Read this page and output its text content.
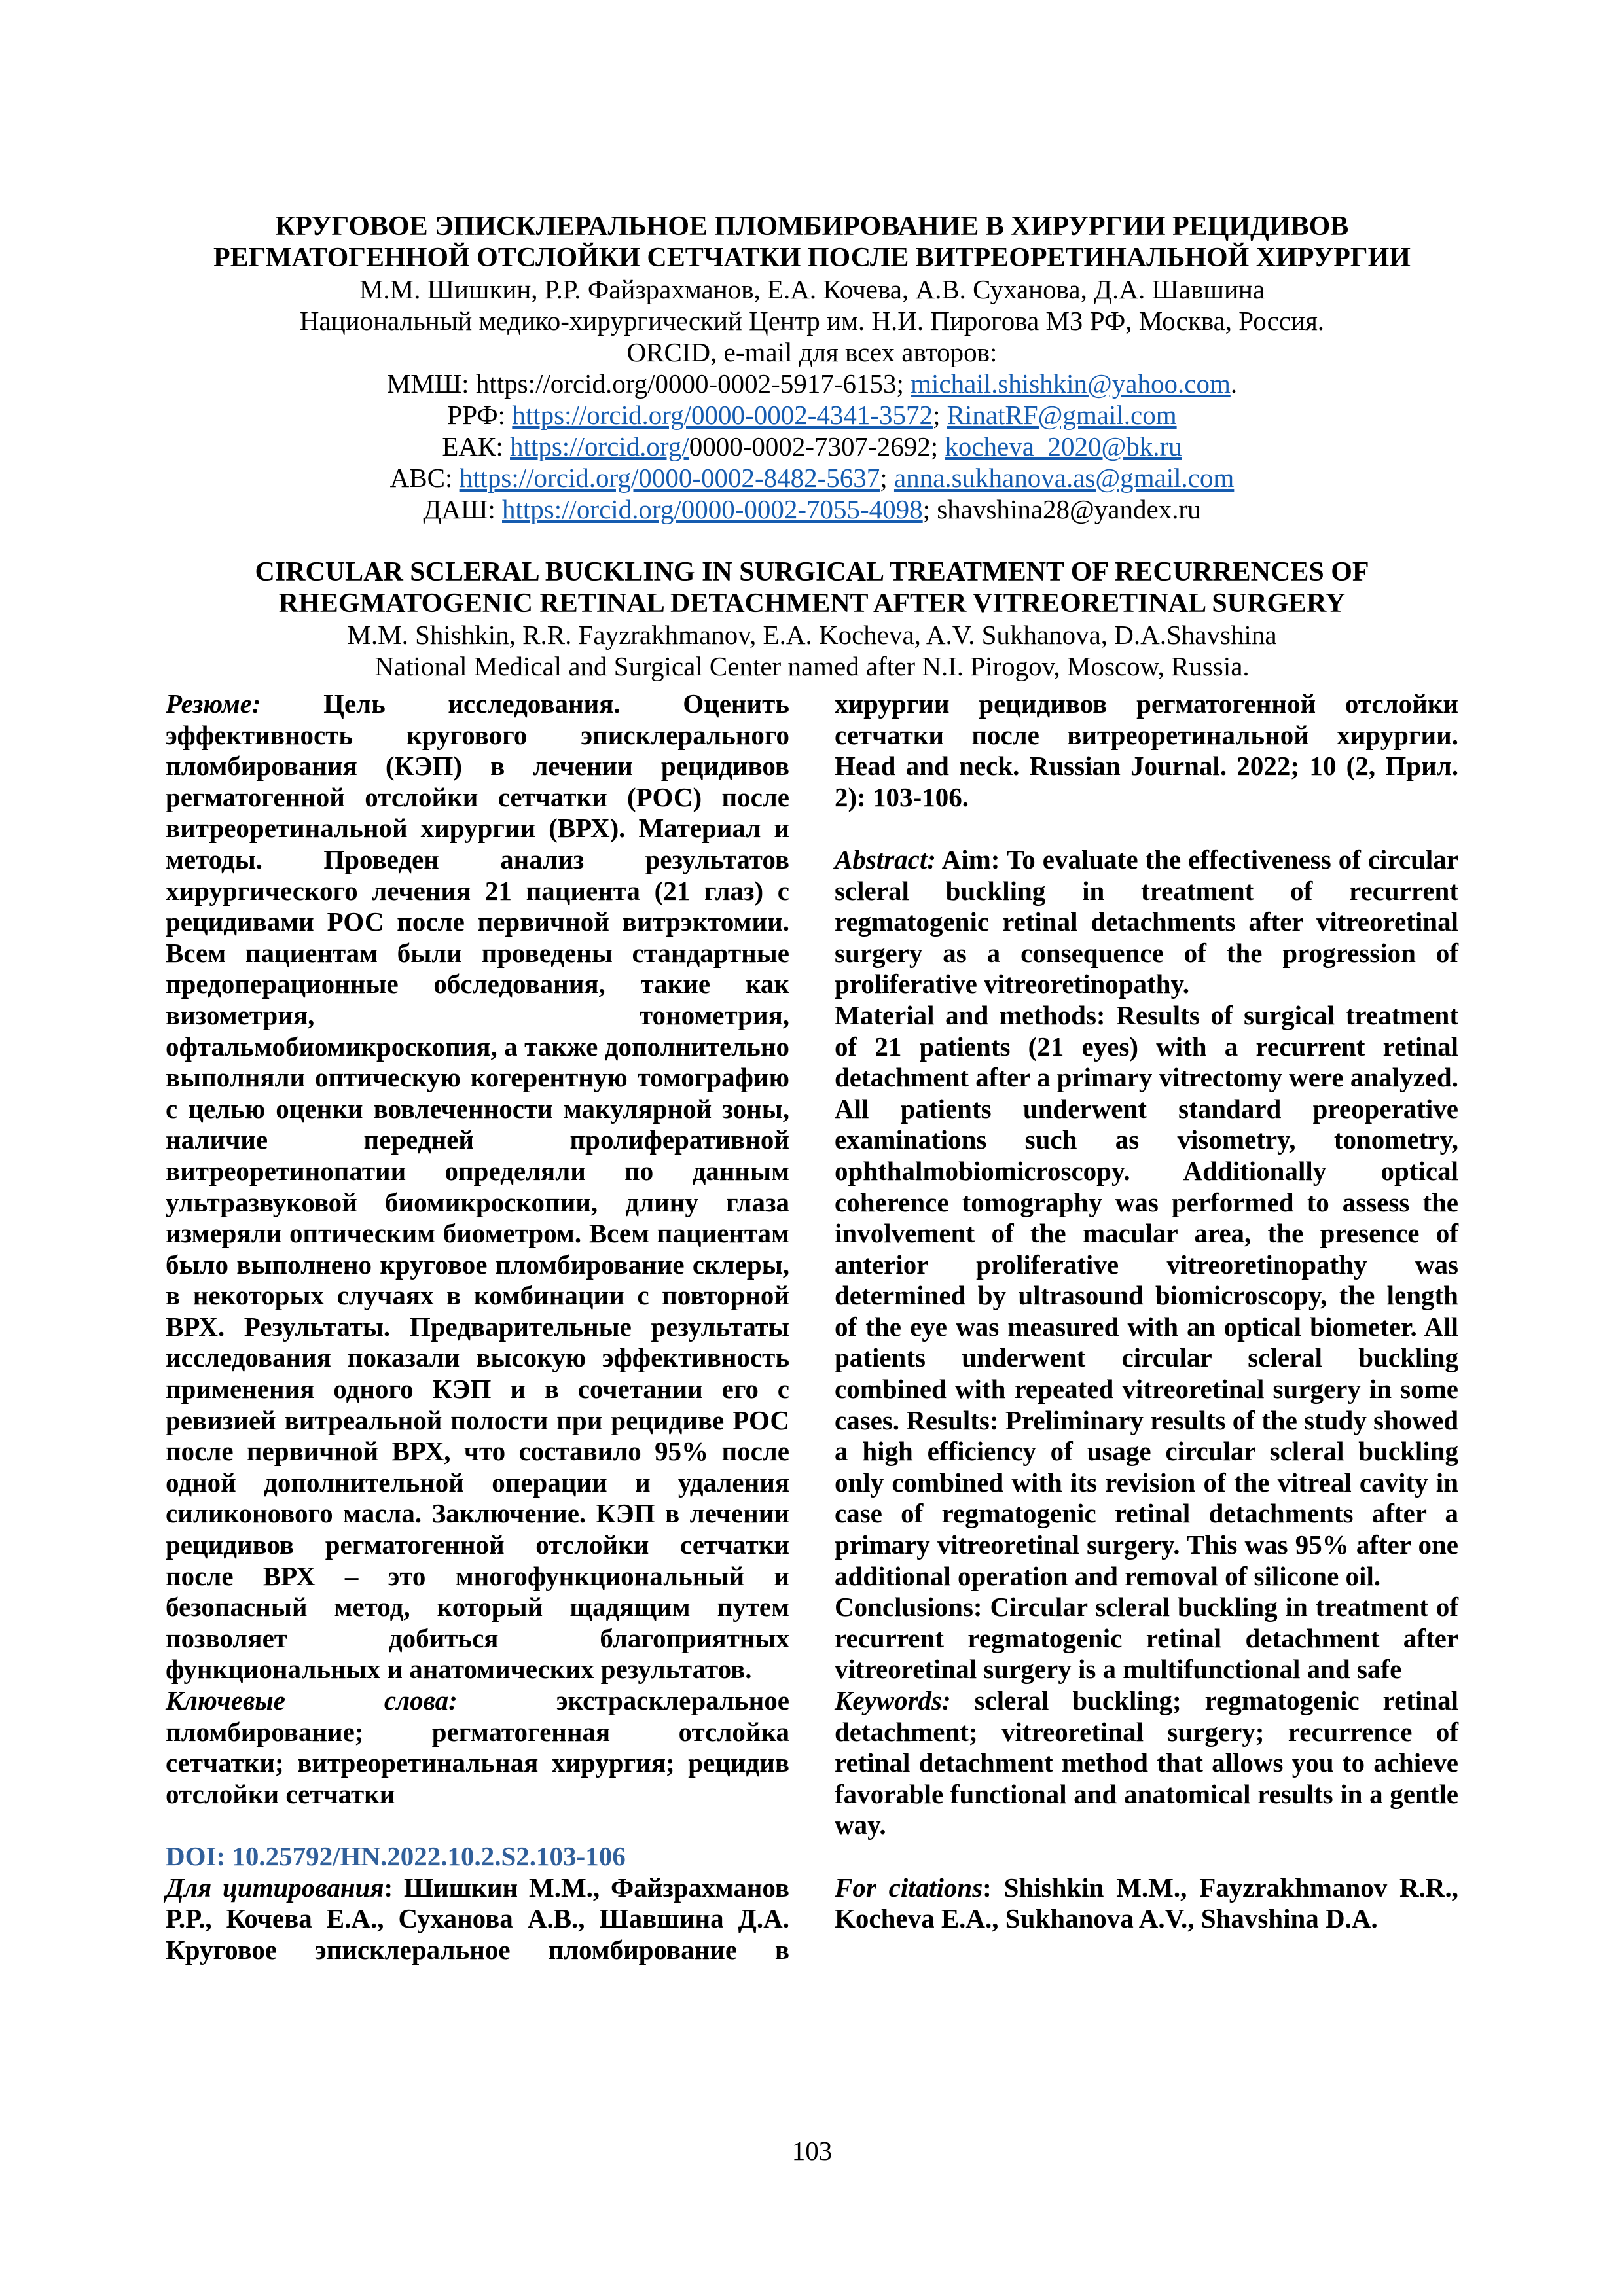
КРУГОВОЕ ЭПИСКЛЕРАЛЬНОЕ ПЛОМБИРОВАНИЕ В ХИРУРГИИ РЕЦИДИВОВ
РЕГМАТОГЕННОЙ ОТСЛОЙКИ СЕТЧАТКИ ПОСЛЕ ВИТРЕОРЕТИНАЛЬНОЙ ХИРУРГИИ
М.М. Шишкин, Р.Р. Файзрахманов, Е.А. Кочева, А.В. Суханова, Д.А. Шавшина
Национальный медико-хирургический Центр им. Н.И. Пирогова МЗ РФ, Москва, Россия.
ORCID, e-mail для всех авторов:
ММШ: https://orcid.org/0000-0002-5917-6153; michail.shishkin@yahoo.com.
РРФ: https://orcid.org/0000-0002-4341-3572; RinatRF@gmail.com
ЕАК: https://orcid.org/0000-0002-7307-2692; kocheva_2020@bk.ru
АВС: https://orcid.org/0000-0002-8482-5637; anna.sukhanova.as@gmail.com
ДАШ: https://orcid.org/0000-0002-7055-4098; shavshina28@yandex.ru
CIRCULAR SCLERAL BUCKLING IN SURGICAL TREATMENT OF RECURRENCES OF
RHEGMATOGENIC RETINAL DETACHMENT AFTER VITREORETINAL SURGERY
M.M. Shishkin, R.R. Fayzrakhmanov, E.A. Kocheva, A.V. Sukhanova, D.A.Shavshina
National Medical and Surgical Center named after N.I. Pirogov, Moscow, Russia.

Резюме: Цель исследования. Оценить эффективность кругового эписклерального пломбирования (КЭП) в лечении рецидивов регматогенной отслойки сетчатки (РОС) после витреоретинальной хирургии (ВРХ). Материал и методы. Проведен анализ результатов хирургического лечения 21 пациента (21 глаз) с рецидивами РОС после первичной витрэктомии. Всем пациентам были проведены стандартные предоперационные обследования, такие как визометрия, тонометрия, офтальмобиомикроскопия, а также дополнительно выполняли оптическую когерентную томографию с целью оценки вовлеченности макулярной зоны, наличие передней пролиферативной витреоретинопатии определяли по данным ультразвуковой биомикроскопии, длину глаза измеряли оптическим биометром. Всем пациентам было выполнено круговое пломбирование склеры, в некоторых случаях в комбинации с повторной ВРХ. Результаты. Предварительные результаты исследования показали высокую эффективность применения одного КЭП и в сочетании его с ревизией витреальной полости при рецидиве РОС после первичной ВРХ, что составило 95% после одной дополнительной операции и удаления силиконового масла. Заключение. КЭП в лечении рецидивов регматогенной отслойки сетчатки после ВРХ – это многофункциональный и безопасный метод, который щадящим путем позволяет добиться благоприятных функциональных и анатомических результатов.

Ключевые слова:	экстрасклеральное пломбирование; регматогенная отслойка сетчатки; витреоретинальная хирургия; рецидив отслойки сетчатки

DOI: 10.25792/HN.2022.10.2.S2.103-106

Для цитирования: Шишкин М.М., Файзрахманов Р.Р., Кочева Е.А., Суханова А.В., Шавшина Д.А. Круговое эписклеральное пломбирование в

хирургии рецидивов регматогенной отслойки сетчатки после витреоретинальной хирургии. Head and neck. Russian Journal. 2022; 10 (2, Прил. 2): 103-106.

Abstract: Aim: To evaluate the effectiveness of circular scleral buckling in treatment of recurrent regmatogenic retinal detachments after vitreoretinal surgery as a consequence of the progression of proliferative vitreoretinopathy.

Material and methods: Results of surgical treatment of 21 patients (21 eyes) with a recurrent retinal detachment after a primary vitrectomy were analyzed. All patients underwent standard preoperative examinations such as visometry, tonometry, ophthalmobiomicroscopy. Additionally optical coherence tomography was performed to assess the involvement of the macular area, the presence of anterior proliferative vitreoretinopathy was determined by ultrasound biomicroscopy, the length of the eye was measured with an optical biometer. All patients underwent circular scleral buckling combined with repeated vitreoretinal surgery in some cases. Results: Preliminary results of the study showed a high efficiency of usage circular scleral buckling only combined with its revision of the vitreal cavity in case of regmatogenic retinal detachments after a primary vitreoretinal surgery. This was 95% after one additional operation and removal of silicone oil.

Conclusions: Circular scleral buckling in treatment of recurrent regmatogenic retinal detachment after vitreoretinal surgery is a multifunctional and safe

Keywords: scleral buckling; regmatogenic retinal detachment; vitreoretinal surgery; recurrence of retinal detachment method that allows you to achieve favorable functional and anatomical results in a gentle way.

For citations: Shishkin M.M., Fayzrakhmanov R.R., Kocheva E.A., Sukhanova A.V., Shavshina D.A.

103
